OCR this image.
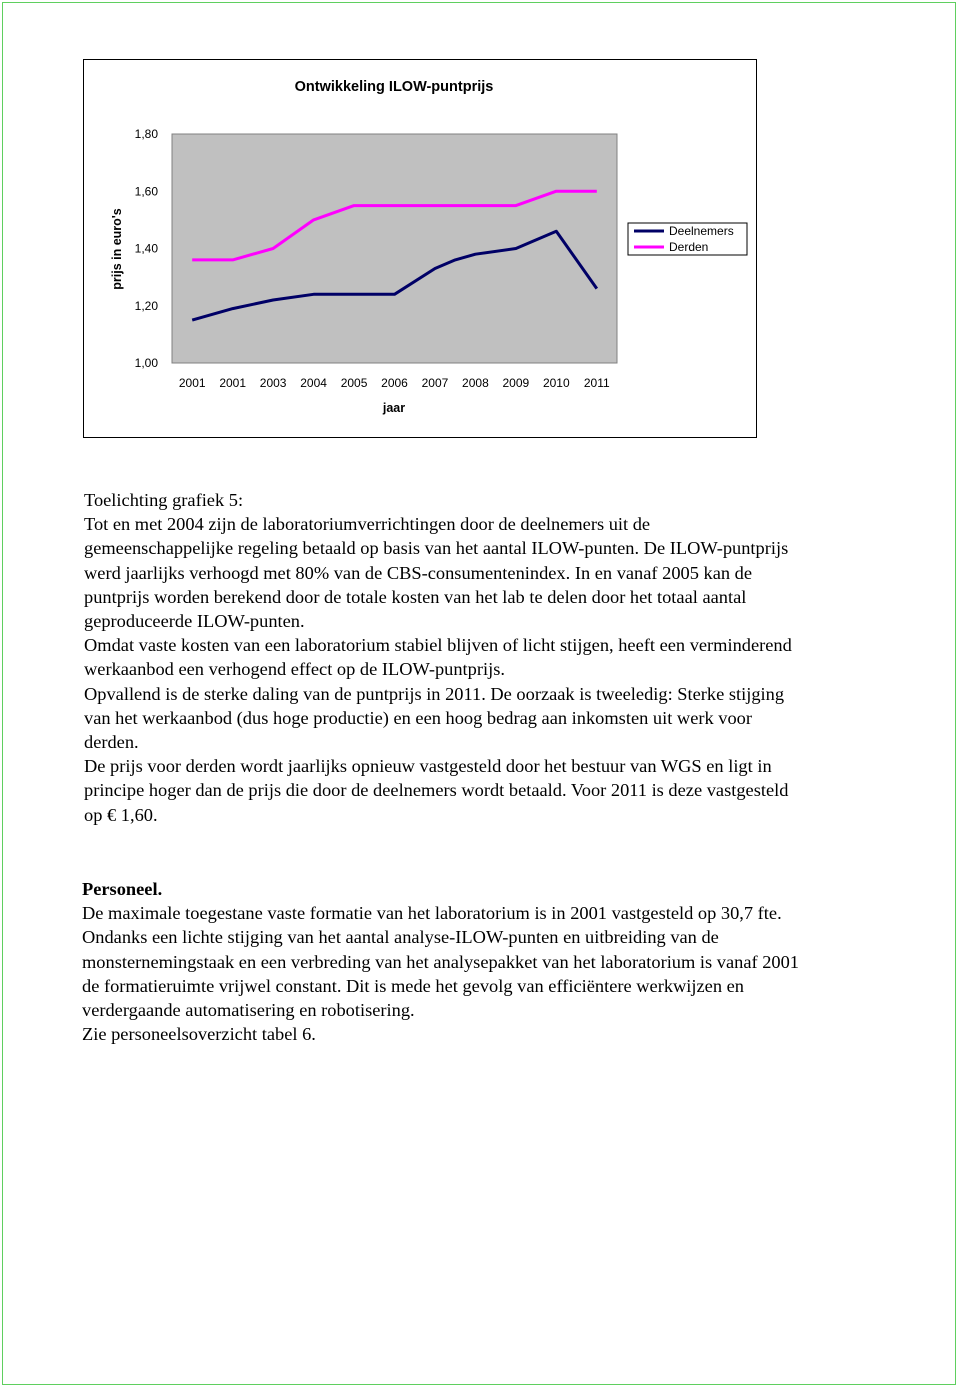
Ontwikkeling ILOW-puntprijs
prijs in euro's
jaar
1,00
1,20
1,40
1,60
1,80
2001 2001 2003 2004 2005 2006 2007 2008 2009 2010 2011
Deelnemers
Derden

Toelichting grafiek 5:

Tot en met 2004 zijn de laboratoriumverrichtingen door de deelnemers uit de

gemeenschappelijke regeling betaald op basis van het aantal ILOW-punten. De ILOW-puntprijs

werd jaarlijks verhoogd met 80% van de CBS-consumentenindex. In en vanaf 2005 kan de

puntprijs worden berekend door de totale kosten van het lab te delen door het totaal aantal

geproduceerde ILOW-punten.

Omdat vaste kosten van een laboratorium stabiel blijven of licht stijgen, heeft een verminderend

werkaanbod een verhogend effect op de ILOW-puntprijs.

Opvallend is de sterke daling van de puntprijs in 2011. De oorzaak is tweeledig: Sterke stijging

van het werkaanbod (dus hoge productie) en een hoog bedrag aan inkomsten uit werk voor

derden.

De prijs voor derden wordt jaarlijks opnieuw vastgesteld door het bestuur van WGS en ligt in

principe hoger dan de prijs die door de deelnemers wordt betaald. Voor 2011 is deze vastgesteld

op € 1,60.

Personeel.

De maximale toegestane vaste formatie van het laboratorium is in 2001 vastgesteld op 30,7 fte.

Ondanks een lichte stijging van het aantal analyse-ILOW-punten en uitbreiding van de

monsternemingstaak en een verbreding van het analysepakket van het laboratorium is vanaf 2001

de formatieruimte vrijwel constant. Dit is mede het gevolg van efficiëntere werkwijzen en

verdergaande automatisering en robotisering.

Zie personeelsoverzicht tabel 6.
